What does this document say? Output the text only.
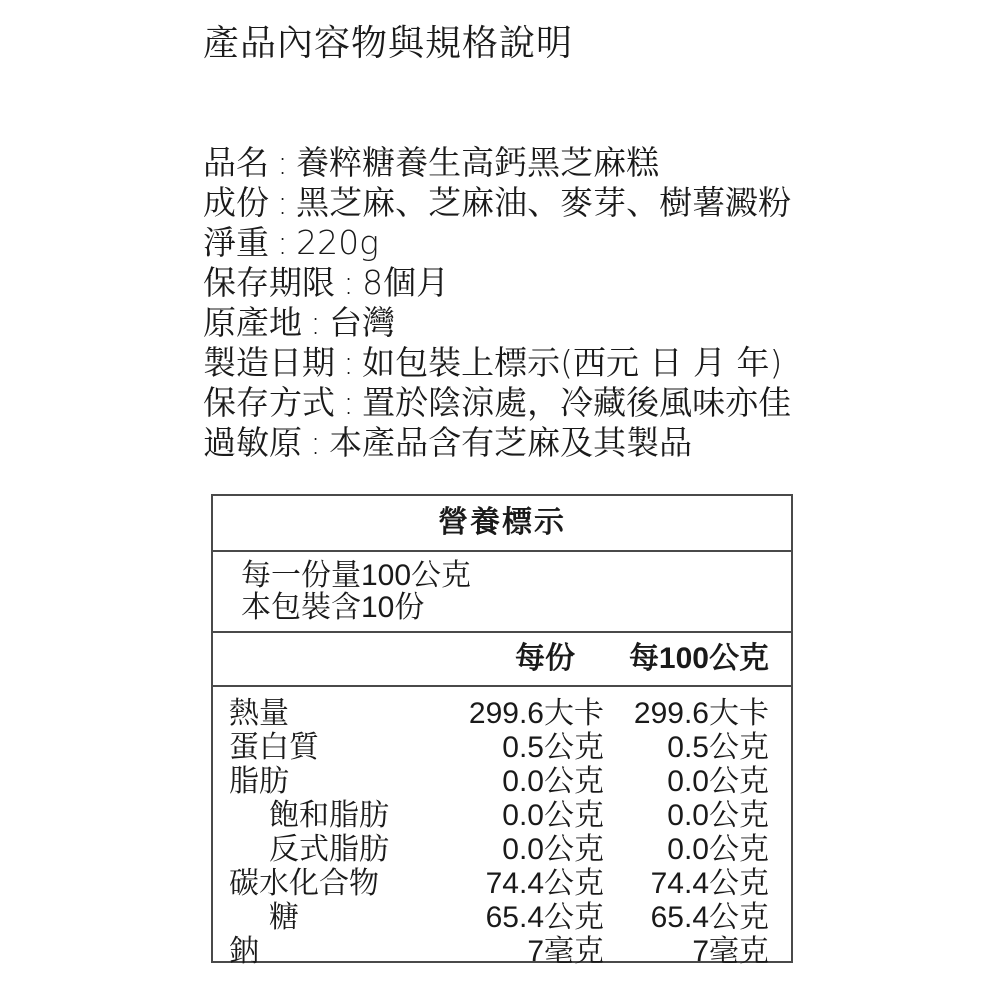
產品內容物與規格說明
品名 : 養粹糖養生高鈣黑芝麻糕
成份 : 黑芝麻、芝麻油、麥芽、樹薯澱粉
淨重 : 220g
保存期限 : 8個月
原產地 : 台灣
製造日期 : 如包裝上標示(西元 日 月 年)
保存方式 : 置於陰涼處，冷藏後風味亦佳
過敏原 : 本產品含有芝麻及其製品
營養標示
每一份量100公克
本包裝含10份
每份 每100公克
熱量	299.6大卡 299.6大卡
蛋白質	0.5公克 0.5公克
脂肪	0.0公克 0.0公克
飽和脂肪	0.0公克 0.0公克
反式脂肪	0.0公克 0.0公克
碳水化合物	74.4公克 74.4公克
糖	65.4公克 65.4公克
鈉	7毫克	7毫克
